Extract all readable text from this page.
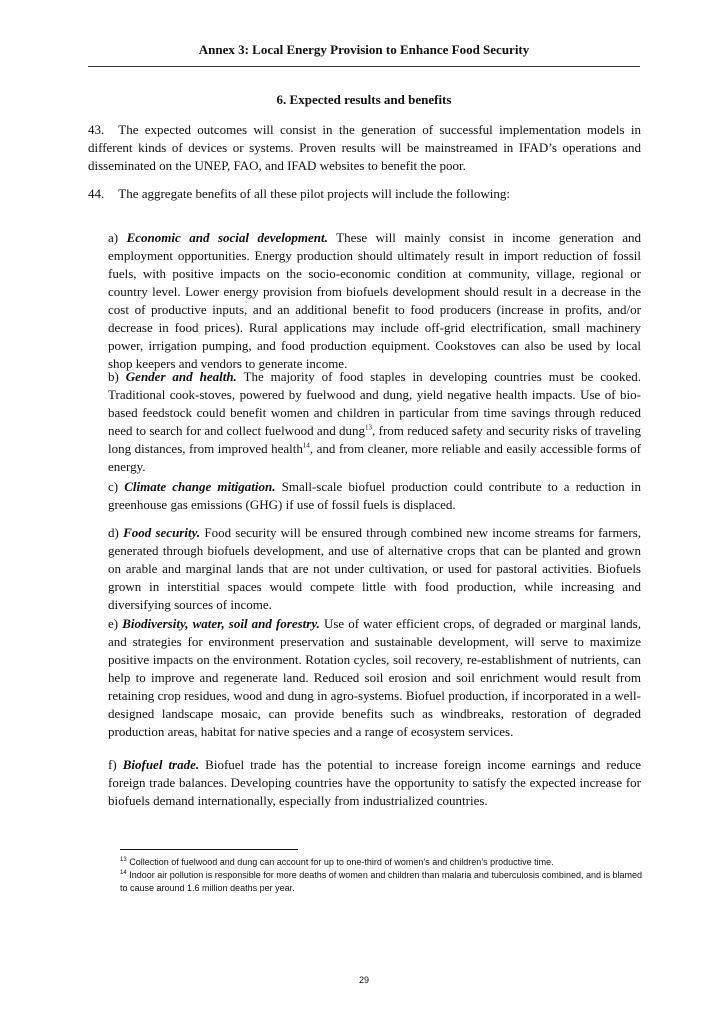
Annex 3: Local Energy Provision to Enhance Food Security
6. Expected results and benefits
43. The expected outcomes will consist in the generation of successful implementation models in different kinds of devices or systems. Proven results will be mainstreamed in IFAD’s operations and disseminated on the UNEP, FAO, and IFAD websites to benefit the poor.
44. The aggregate benefits of all these pilot projects will include the following:
a) Economic and social development. These will mainly consist in income generation and employment opportunities. Energy production should ultimately result in import reduction of fossil fuels, with positive impacts on the socio-economic condition at community, village, regional or country level. Lower energy provision from biofuels development should result in a decrease in the cost of productive inputs, and an additional benefit to food producers (increase in profits, and/or decrease in food prices). Rural applications may include off-grid electrification, small machinery power, irrigation pumping, and food production equipment. Cookstoves can also be used by local shop keepers and vendors to generate income.
b) Gender and health. The majority of food staples in developing countries must be cooked. Traditional cook-stoves, powered by fuelwood and dung, yield negative health impacts. Use of bio-based feedstock could benefit women and children in particular from time savings through reduced need to search for and collect fuelwood and dung$^{13}$, from reduced safety and security risks of traveling long distances, from improved health$^{14}$, and from cleaner, more reliable and easily accessible forms of energy.
c) Climate change mitigation. Small-scale biofuel production could contribute to a reduction in greenhouse gas emissions (GHG) if use of fossil fuels is displaced.
d) Food security. Food security will be ensured through combined new income streams for farmers, generated through biofuels development, and use of alternative crops that can be planted and grown on arable and marginal lands that are not under cultivation, or used for pastoral activities. Biofuels grown in interstitial spaces would compete little with food production, while increasing and diversifying sources of income.
e) Biodiversity, water, soil and forestry. Use of water efficient crops, of degraded or marginal lands, and strategies for environment preservation and sustainable development, will serve to maximize positive impacts on the environment. Rotation cycles, soil recovery, re-establishment of nutrients, can help to improve and regenerate land. Reduced soil erosion and soil enrichment would result from retaining crop residues, wood and dung in agro-systems. Biofuel production, if incorporated in a well-designed landscape mosaic, can provide benefits such as windbreaks, restoration of degraded production areas, habitat for native species and a range of ecosystem services.
f) Biofuel trade. Biofuel trade has the potential to increase foreign income earnings and reduce foreign trade balances. Developing countries have the opportunity to satisfy the expected increase for biofuels demand internationally, especially from industrialized countries.
$^{13}$ Collection of fuelwood and dung can account for up to one-third of women’s and children’s productive time.
$^{14}$ Indoor air pollution is responsible for more deaths of women and children than malaria and tuberculosis combined, and is blamed to cause around 1.6 million deaths per year.
29
